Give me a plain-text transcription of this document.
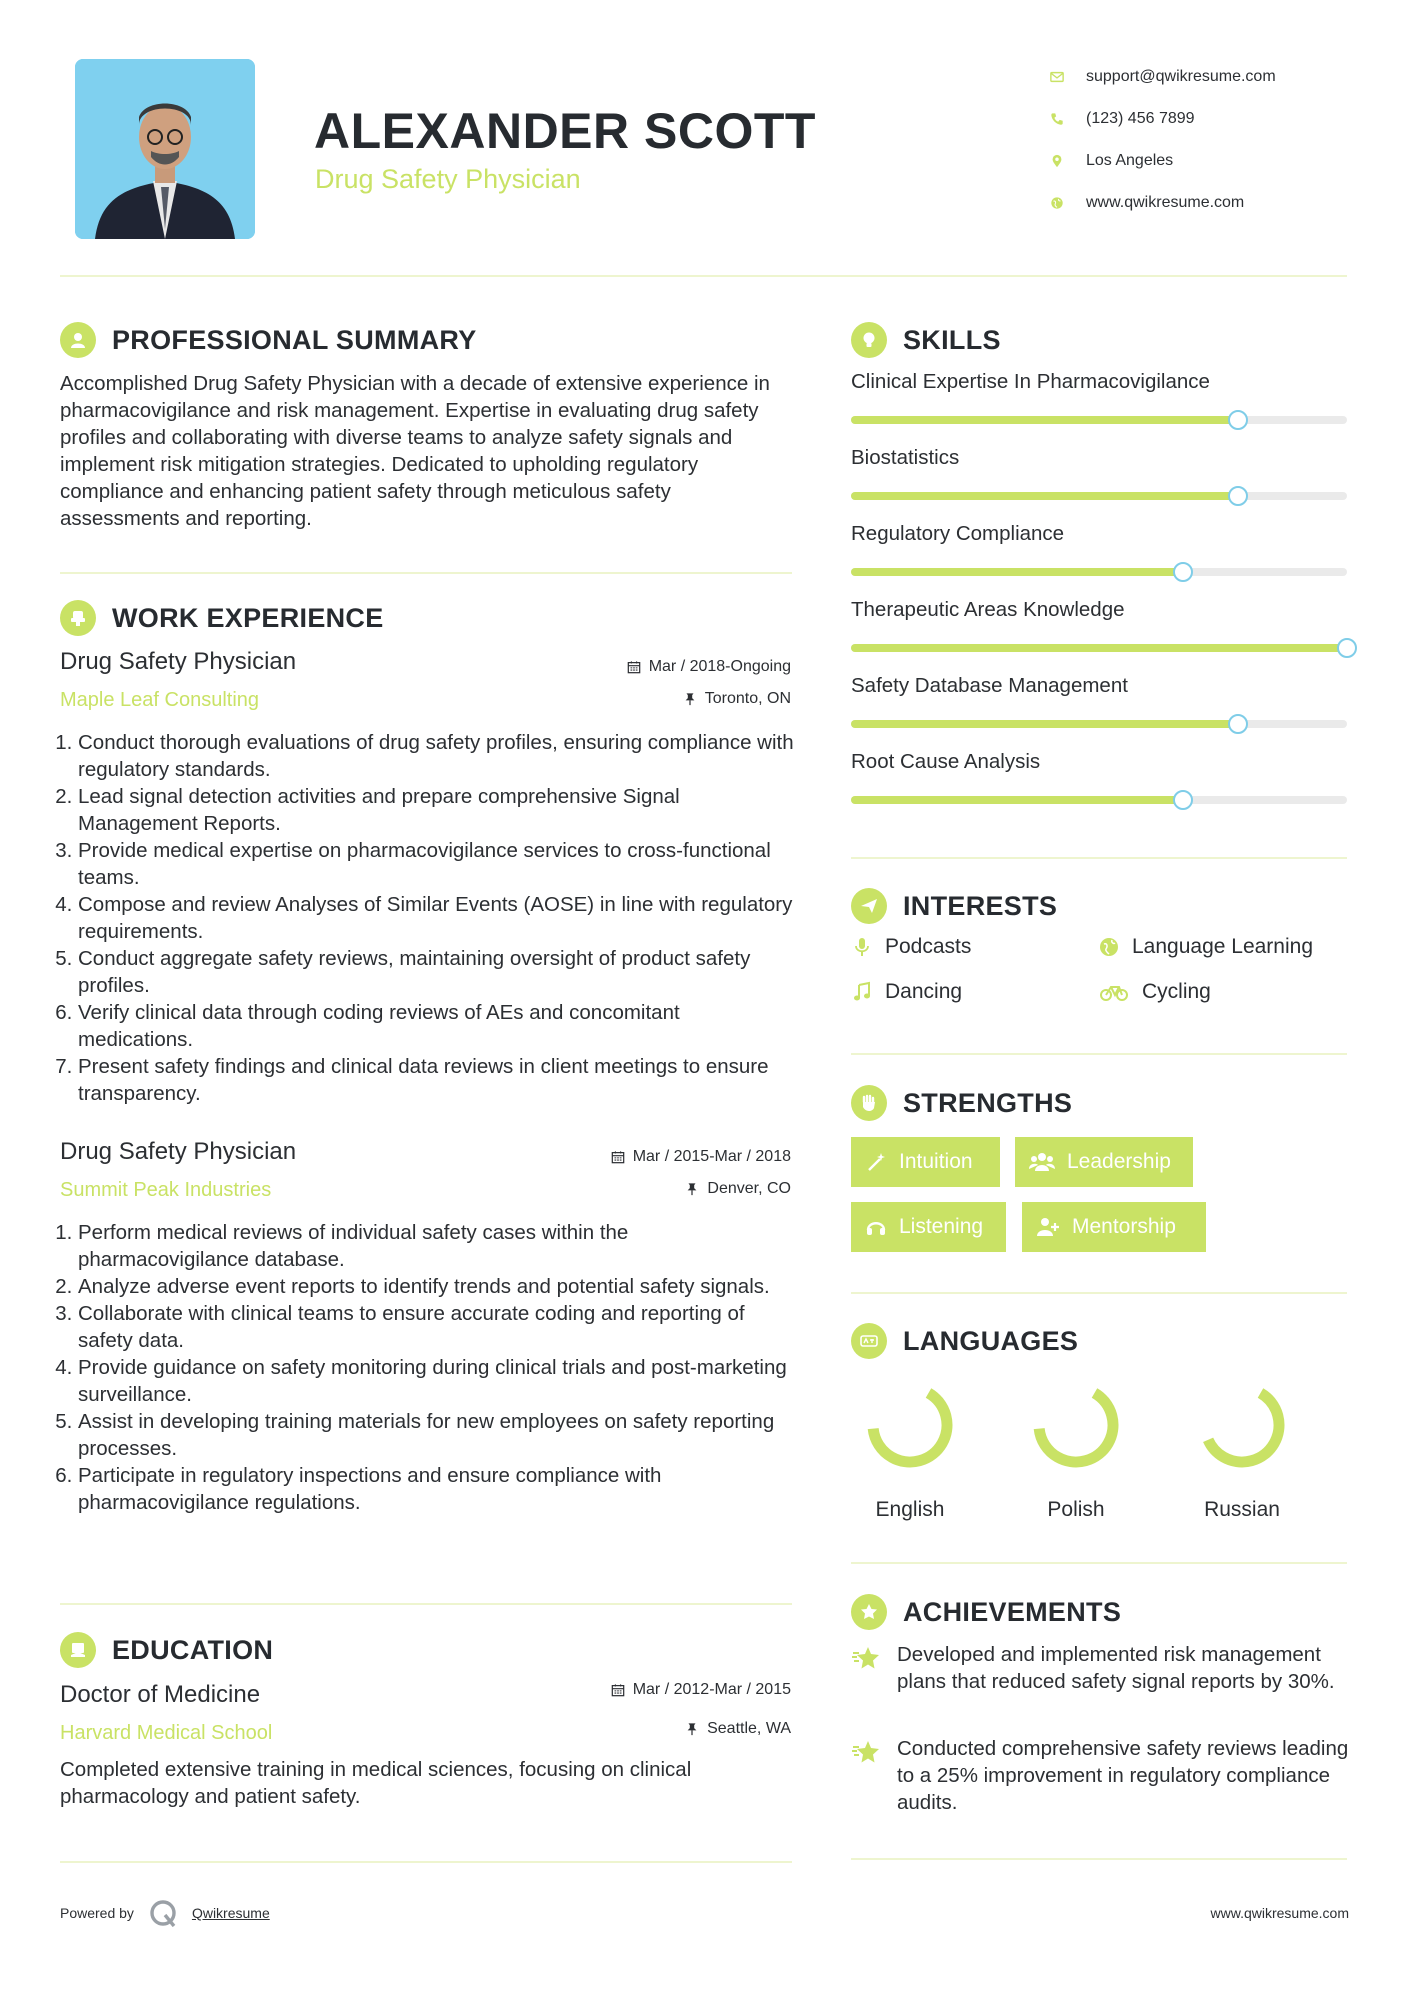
ALEXANDER SCOTT
Drug Safety Physician
support@qwikresume.com
(123) 456 7899
Los Angeles
www.qwikresume.com
PROFESSIONAL SUMMARY
Accomplished Drug Safety Physician with a decade of extensive experience in pharmacovigilance and risk management. Expertise in evaluating drug safety profiles and collaborating with diverse teams to analyze safety signals and implement risk mitigation strategies. Dedicated to upholding regulatory compliance and enhancing patient safety through meticulous safety assessments and reporting.
WORK EXPERIENCE
Drug Safety Physician
Maple Leaf Consulting
Mar / 2018-Ongoing
Toronto, ON
1. Conduct thorough evaluations of drug safety profiles, ensuring compliance with regulatory standards.
2. Lead signal detection activities and prepare comprehensive Signal Management Reports.
3. Provide medical expertise on pharmacovigilance services to cross-functional teams.
4. Compose and review Analyses of Similar Events (AOSE) in line with regulatory requirements.
5. Conduct aggregate safety reviews, maintaining oversight of product safety profiles.
6. Verify clinical data through coding reviews of AEs and concomitant medications.
7. Present safety findings and clinical data reviews in client meetings to ensure transparency.
Drug Safety Physician
Summit Peak Industries
Mar / 2015-Mar / 2018
Denver, CO
1. Perform medical reviews of individual safety cases within the pharmacovigilance database.
2. Analyze adverse event reports to identify trends and potential safety signals.
3. Collaborate with clinical teams to ensure accurate coding and reporting of safety data.
4. Provide guidance on safety monitoring during clinical trials and post-marketing surveillance.
5. Assist in developing training materials for new employees on safety reporting processes.
6. Participate in regulatory inspections and ensure compliance with pharmacovigilance regulations.
EDUCATION
Doctor of Medicine
Harvard Medical School
Mar / 2012-Mar / 2015
Seattle, WA
Completed extensive training in medical sciences, focusing on clinical pharmacology and patient safety.
SKILLS
Clinical Expertise In Pharmacovigilance
Biostatistics
Regulatory Compliance
Therapeutic Areas Knowledge
Safety Database Management
Root Cause Analysis
INTERESTS
Podcasts	Language Learning
Dancing	Cycling
STRENGTHS
Intuition	Leadership
Listening	Mentorship
LANGUAGES
English	Polish	Russian
ACHIEVEMENTS
Developed and implemented risk management plans that reduced safety signal reports by 30%.
Conducted comprehensive safety reviews leading to a 25% improvement in regulatory compliance audits.
Powered by	Qwikresume	www.qwikresume.com
